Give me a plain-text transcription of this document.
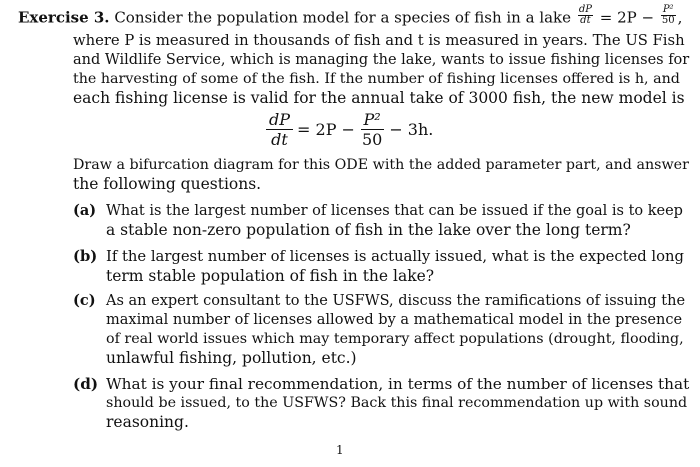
Exercise 3. Consider the population model for a species of fish in a lake $\frac{dP}{dt} = 2P - \frac{\text{P²}}{50}$ ,
where P is measured in thousands of fish and t is measured in years. The US Fish
and Wildlife Service, which is managing the lake, wants to issue fishing licenses for
the harvesting of some of the fish. If the number of fishing licenses offered is h, and
each fishing license is valid for the annual take of 3000 fish, the new model is
$\frac{dP}{dt} = 2P - \frac{\text{P²}}{50} - 3h$.
Draw a bifurcation diagram for this ODE with the added parameter part, and answer
the following questions.
(a) What is the largest number of licenses that can be issued if the goal is to keep
a stable non-zero population of fish in the lake over the long term?
(b) If the largest number of licenses is actually issued, what is the expected long
term stable population of fish in the lake?
(c) As an expert consultant to the USFWS, discuss the ramifications of issuing the
maximal number of licenses allowed by a mathematical model in the presence
of real world issues which may temporary affect populations (drought, flooding,
unlawful fishing, pollution, etc.)
(d) What is your final recommendation, in terms of the number of licenses that
should be issued, to the USFWS? Back this final recommendation up with sound
reasoning.
1
